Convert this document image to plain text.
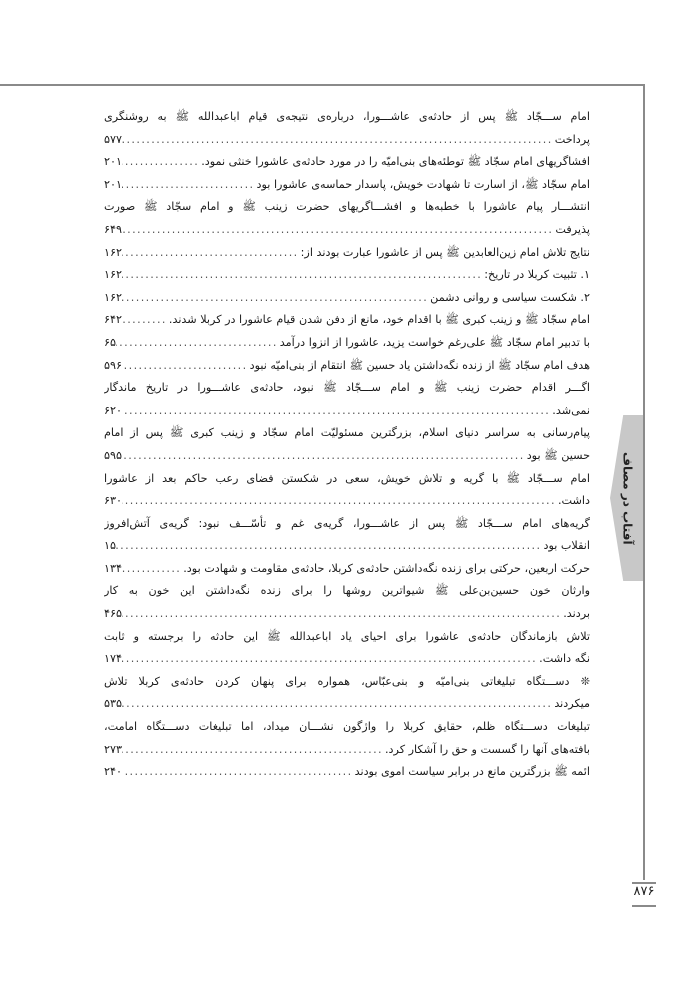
آفتاب در مصاف
۸۷۶
امام ســـجّاد ﷺ پس از حادثه‌ی عاشـــورا، درباره‌ی نتیجه‌ی قیام اباعبدالله ﷺ به روشنگری
پرداخت
.....
۵۷۷
افشاگریهای امام سجّاد ﷺ توطئه‌های بنی‌امیّه را در مورد حادثه‌ی عاشورا خنثی نمود.
.....
۲۰۱
امام سجّاد ﷺ، از اسارت تا شهادت خویش، پاسدار حماسه‌ی عاشورا بود
.....
۲۰۱
انتشـــار پیام عاشورا با خطبه‌ها و افشـــاگریهای حضرت زینب ﷺ و امام سجّاد ﷺ صورت
پذیرفت
.....
۶۴۹
نتایج تلاش امام زین‌العابدین ﷺ پس از عاشورا عبارت بودند از:
.....
۱۶۲
۱. تثبیت کربلا در تاریخ:
.....
۱۶۲
۲. شکست سیاسی و روانی دشمن
.....
۱۶۲
امام سجّاد ﷺ و زینب کبری ﷺ با اقدام خود، مانع از دفن شدن قیام عاشورا در کربلا شدند.
.....
۶۴۲
با تدبیر امام سجّاد ﷺ علی‌رغم خواست یزید، عاشورا از انزوا درآمد
.....
۶۵
هدف امام سجّاد ﷺ از زنده نگه‌داشتن یاد حسین ﷺ انتقام از بنی‌امیّه نبود
.....
۵۹۶
اگـــر اقدام حضرت زینب ﷺ و امام ســـجّاد ﷺ نبود، حادثه‌ی عاشـــورا در تاریخ ماندگار
نمی‌شد.
.....
۶۲۰
پیام‌رسانی به سراسر دنیای اسلام، بزرگترین مسئولیّت امام سجّاد و زینب کبری ﷺ پس از امام
حسین ﷺ بود
.....
۵۹۵
امام ســـجّاد ﷺ با گریه و تلاش خویش، سعی در شکستن فضای رعب حاکم بعد از عاشورا
داشت.
.....
۶۳۰
گریه‌های امام ســـجّاد ﷺ پس از عاشـــورا، گریه‌ی غم و تأسّـــف نبود: گریه‌ی آتش‌افروز
انقلاب بود
.....
۱۵
حرکت اربعین، حرکتی برای زنده نگه‌داشتن حادثه‌ی کربلا، حادثه‌ی مقاومت و شهادت بود.
.....
۱۳۴
وارثان خون حسین‌بن‌علی ﷺ شیواترین روشها را برای زنده نگه‌داشتن این خون به کار
بردند.
.....
۴۶۵
تلاش بازماندگان حادثه‌ی عاشورا برای احیای یاد اباعبدالله ﷺ این حادثه را برجسته و ثابت
نگه داشت.
.....
۱۷۴
❊ دســـتگاه تبلیغاتی بنی‌امیّه و بنی‌عبّاس، همواره برای پنهان کردن حادثه‌ی کربلا تلاش
میکردند
.....
۵۳۵
تبلیغات دســـتگاه ظلم، حقایق کربلا را واژگون نشـــان میداد، اما تبلیغات دســـتگاه امامت،
بافته‌های آنها را گسست و حق را آشکار کرد.
.....
۲۷۳
ائمه ﷺ بزرگترین مانع در برابر سیاست اموی بودند
.....
۲۴۰
